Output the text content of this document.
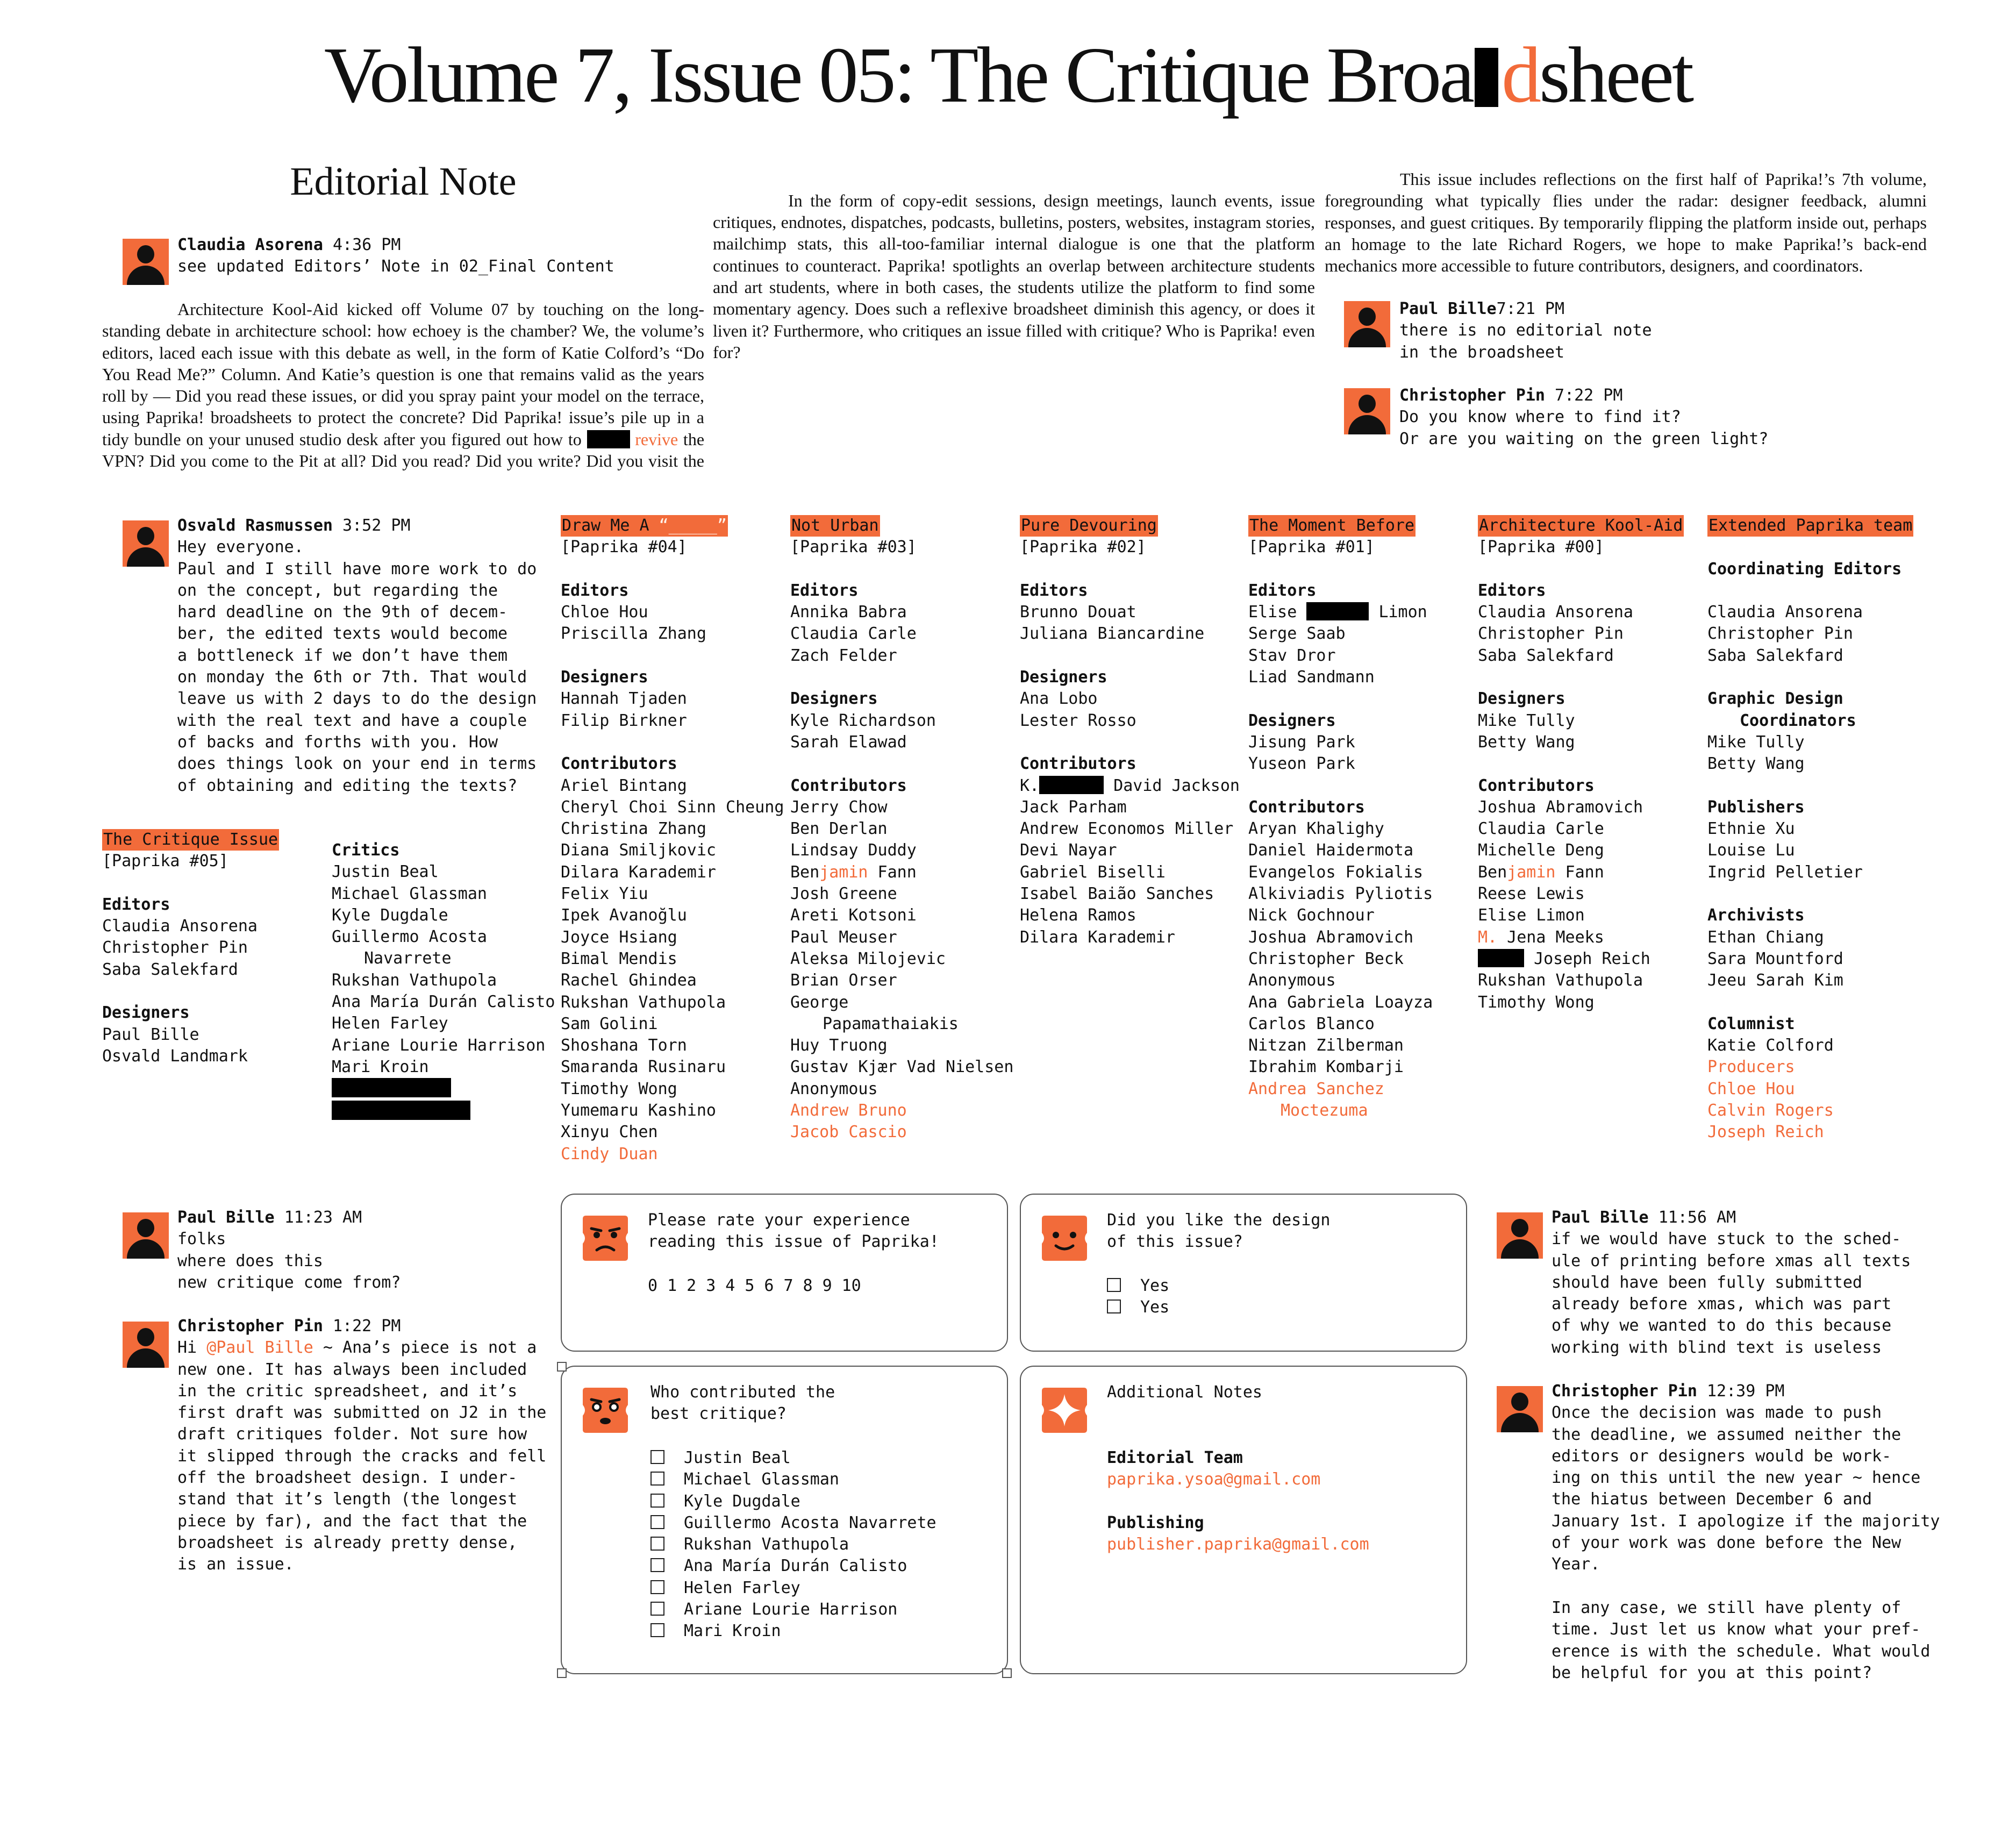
Volume 7, Issue 05: The Critique Broa dsheet
Editorial Note
Claudia Asorena 4:36 PM
see updated Editors’ Note in 02_Final Content

Architecture Kool-Aid kicked off Volume 07 by touching on the long-standing debate in architecture school: how echoey is the chamber? We, the volume’s editors, laced each issue with this debate as well, in the form of Katie Colford’s “Do You Read Me?” Column. And Katie’s question is one that remains valid as the years roll by — Did you read these issues, or did you spray paint your model on the terrace, using Paprika! broadsheets to protect the concrete? Did Paprika! issue’s pile up in a tidy bundle on your unused studio desk after you figured out how to	revive the VPN? Did you come to the Pit at all? Did you read? Did you write? Did you visit the

In the form of copy-edit sessions, design meetings, launch events, issue critiques, endnotes, dispatches, podcasts, bulletins, posters, websites, instagram stories, mailchimp stats, this all-too-familiar internal dialogue is one that the platform continues to counteract. Paprika! spotlights an overlap between architecture students and art students, where in both cases, the students utilize the platform to find some momentary agency. Does such a reflexive broadsheet diminish this agency, or does it liven it? Furthermore, who critiques an issue filled with critique? Who is Paprika! even for?

This issue includes reflections on the first half of Paprika!’s 7th volume, foregrounding what typically flies under the radar: designer feedback, alumni responses, and guest critiques. By temporarily flipping the platform inside out, perhaps an homage to the late Richard Rogers, we hope to make Paprika!’s back-end mechanics more accessible to future contributors, designers, and coordinators.

Paul Bille7:21 PM
there is no editorial note
in the broadsheet
Christopher Pin 7:22 PM
Do you know where to find it?
Or are you waiting on the green light?
Osvald Rasmussen 3:52 PM
Hey everyone.
Paul and I still have more work to do
on the concept, but regarding the
hard deadline on the 9th of decem-
ber, the edited texts would become
a bottleneck if we don’t have them
on monday the 6th or 7th. That would
leave us with 2 days to do the design
with the real text and have a couple
of backs and forths with you. How
does things look on your end in terms
of obtaining and editing the texts?
The Critique Issue
[Paprika #05]
Editors
Claudia Ansorena
Christopher Pin
Saba Salekfard
Designers
Paul Bille
Osvald Landmark
Critics
Justin Beal
Michael Glassman
Kyle Dugdale
Guillermo Acosta
Navarrete
Rukshan Vathupola
Ana María Durán Calisto
Helen Farley
Ariane Lourie Harrison
Mari Kroin
Draw Me A “_____”
[Paprika #04]
Editors
Chloe Hou
Priscilla Zhang
Designers
Hannah Tjaden
Filip Birkner
Contributors
Ariel Bintang
Cheryl Choi Sinn Cheung
Christina Zhang
Diana Smiljkovic
Dilara Karademir
Felix Yiu
Ipek Avanoğlu
Joyce Hsiang
Bimal Mendis
Rachel Ghindea
Rukshan Vathupola
Sam Golini
Shoshana Torn
Smaranda Rusinaru
Timothy Wong
Yumemaru Kashino
Xinyu Chen
Cindy Duan
Not Urban
[Paprika #03]
Editors
Annika Babra
Claudia Carle
Zach Felder
Designers
Kyle Richardson
Sarah Elawad
Contributors
Jerry Chow
Ben Derlan
Lindsay Duddy
Benjamin Fann
Josh Greene
Areti Kotsoni
Paul Meuser
Aleksa Milojevic
Brian Orser
George
Papamathaiakis
Huy Truong
Gustav Kjær Vad Nielsen
Anonymous
Andrew Bruno
Jacob Cascio
Pure Devouring
[Paprika #02]
Editors
Brunno Douat
Juliana Biancardine
Designers
Ana Lobo
Lester Rosso
Contributors
K.	David Jackson
Jack Parham
Andrew Economos Miller
Devi Nayar
Gabriel Biselli
Isabel Baião Sanches
Helena Ramos
Dilara Karademir
The Moment Before
[Paprika #01]
Editors
Elise	Limon
Serge Saab
Stav Dror
Liad Sandmann
Designers
Jisung Park
Yuseon Park
Contributors
Aryan Khalighy
Daniel Haidermota
Evangelos Fokialis
Alkiviadis Pyliotis
Nick Gochnour
Joshua Abramovich
Christopher Beck
Anonymous
Ana Gabriela Loayza
Carlos Blanco
Nitzan Zilberman
Ibrahim Kombarji
Andrea Sanchez
Moctezuma
Architecture Kool-Aid
[Paprika #00]
Editors
Claudia Ansorena
Christopher Pin
Saba Salekfard
Designers
Mike Tully
Betty Wang
Contributors
Joshua Abramovich
Claudia Carle
Michelle Deng
Benjamin Fann
Reese Lewis
Elise Limon
M. Jena Meeks
Joseph Reich
Rukshan Vathupola
Timothy Wong
Extended Paprika team
Coordinating Editors
Claudia Ansorena
Christopher Pin
Saba Salekfard
Graphic Design
Coordinators
Mike Tully
Betty Wang
Publishers
Ethnie Xu
Louise Lu
Ingrid Pelletier
Archivists
Ethan Chiang
Sara Mountford
Jeeu Sarah Kim
Columnist
Katie Colford
Producers
Chloe Hou
Calvin Rogers
Joseph Reich
Paul Bille 11:23 AM
folks
where does this
new critique come from?
Christopher Pin 1:22 PM
Hi @Paul Bille ~ Ana’s piece is not a
new one. It has always been included
in the critic spreadsheet, and it’s
first draft was submitted on J2 in the
draft critiques folder. Not sure how
it slipped through the cracks and fell
off the broadsheet design. I under-
stand that it’s length (the longest
piece by far), and the fact that the
broadsheet is already pretty dense,
is an issue.
Please rate your experience
reading this issue of Paprika!
0 1 2 3 4 5 6 7 8 9 10
Did you like the design
of this issue?
Yes
Yes
Who contributed the
best critique?
Justin Beal
Michael Glassman
Kyle Dugdale
Guillermo Acosta Navarrete
Rukshan Vathupola
Ana María Durán Calisto
Helen Farley
Ariane Lourie Harrison
Mari Kroin
Additional Notes
Editorial Team
paprika.ysoa@gmail.com
Publishing
publisher.paprika@gmail.com
Paul Bille 11:56 AM
if we would have stuck to the sched-
ule of printing before xmas all texts
should have been fully submitted
already before xmas, which was part
of why we wanted to do this because
working with blind text is useless
Christopher Pin 12:39 PM
Once the decision was made to push
the deadline, we assumed neither the
editors or designers would be work-
ing on this until the new year ~ hence
the hiatus between December 6 and
January 1st. I apologize if the majority
of your work was done before the New
Year.

In any case, we still have plenty of
time. Just let us know what your pref-
erence is with the schedule. What would
be helpful for you at this point?
